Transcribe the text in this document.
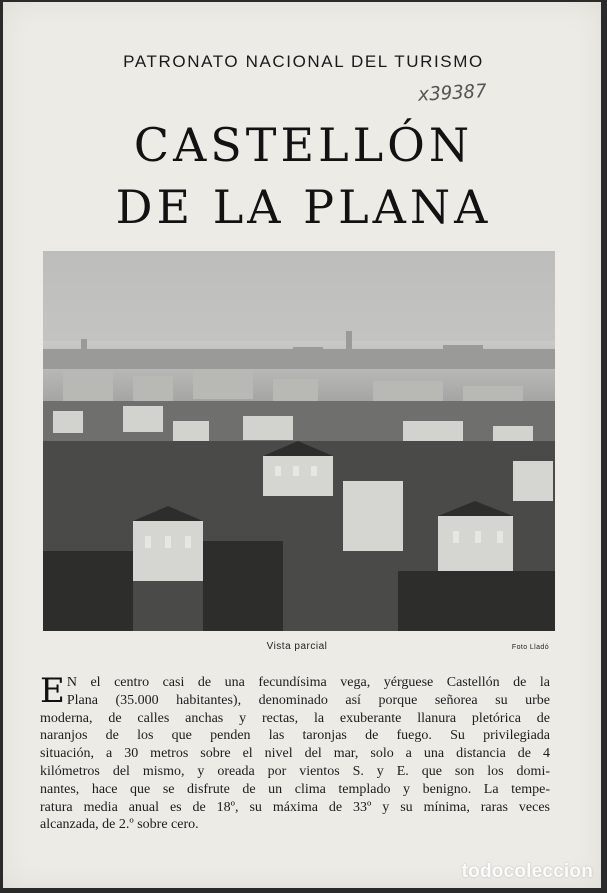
PATRONATO NACIONAL DEL TURISMO
x39387
CASTELLÓN
DE LA PLANA
Vista parcial	Foto Lladó
E N el centro casi de una fecundísima vega, yérguese Castellón de la
Plana (35.000 habitantes), denominado así porque señorea su urbe
moderna, de calles anchas y rectas, la exuberante llanura pletórica de
naranjos de los que penden las taronjas de fuego. Su privilegiada
situación, a 30 metros sobre el nivel del mar, solo a una distancia de 4
kilómetros del mismo, y oreada por vientos S. y E. que son los domi-
nantes, hace que se disfrute de un clima templado y benigno. La tempe-
ratura media anual es de 18º, su máxima de 33º y su mínima, raras veces
alcanzada, de 2.º sobre cero.
todocoleccion
